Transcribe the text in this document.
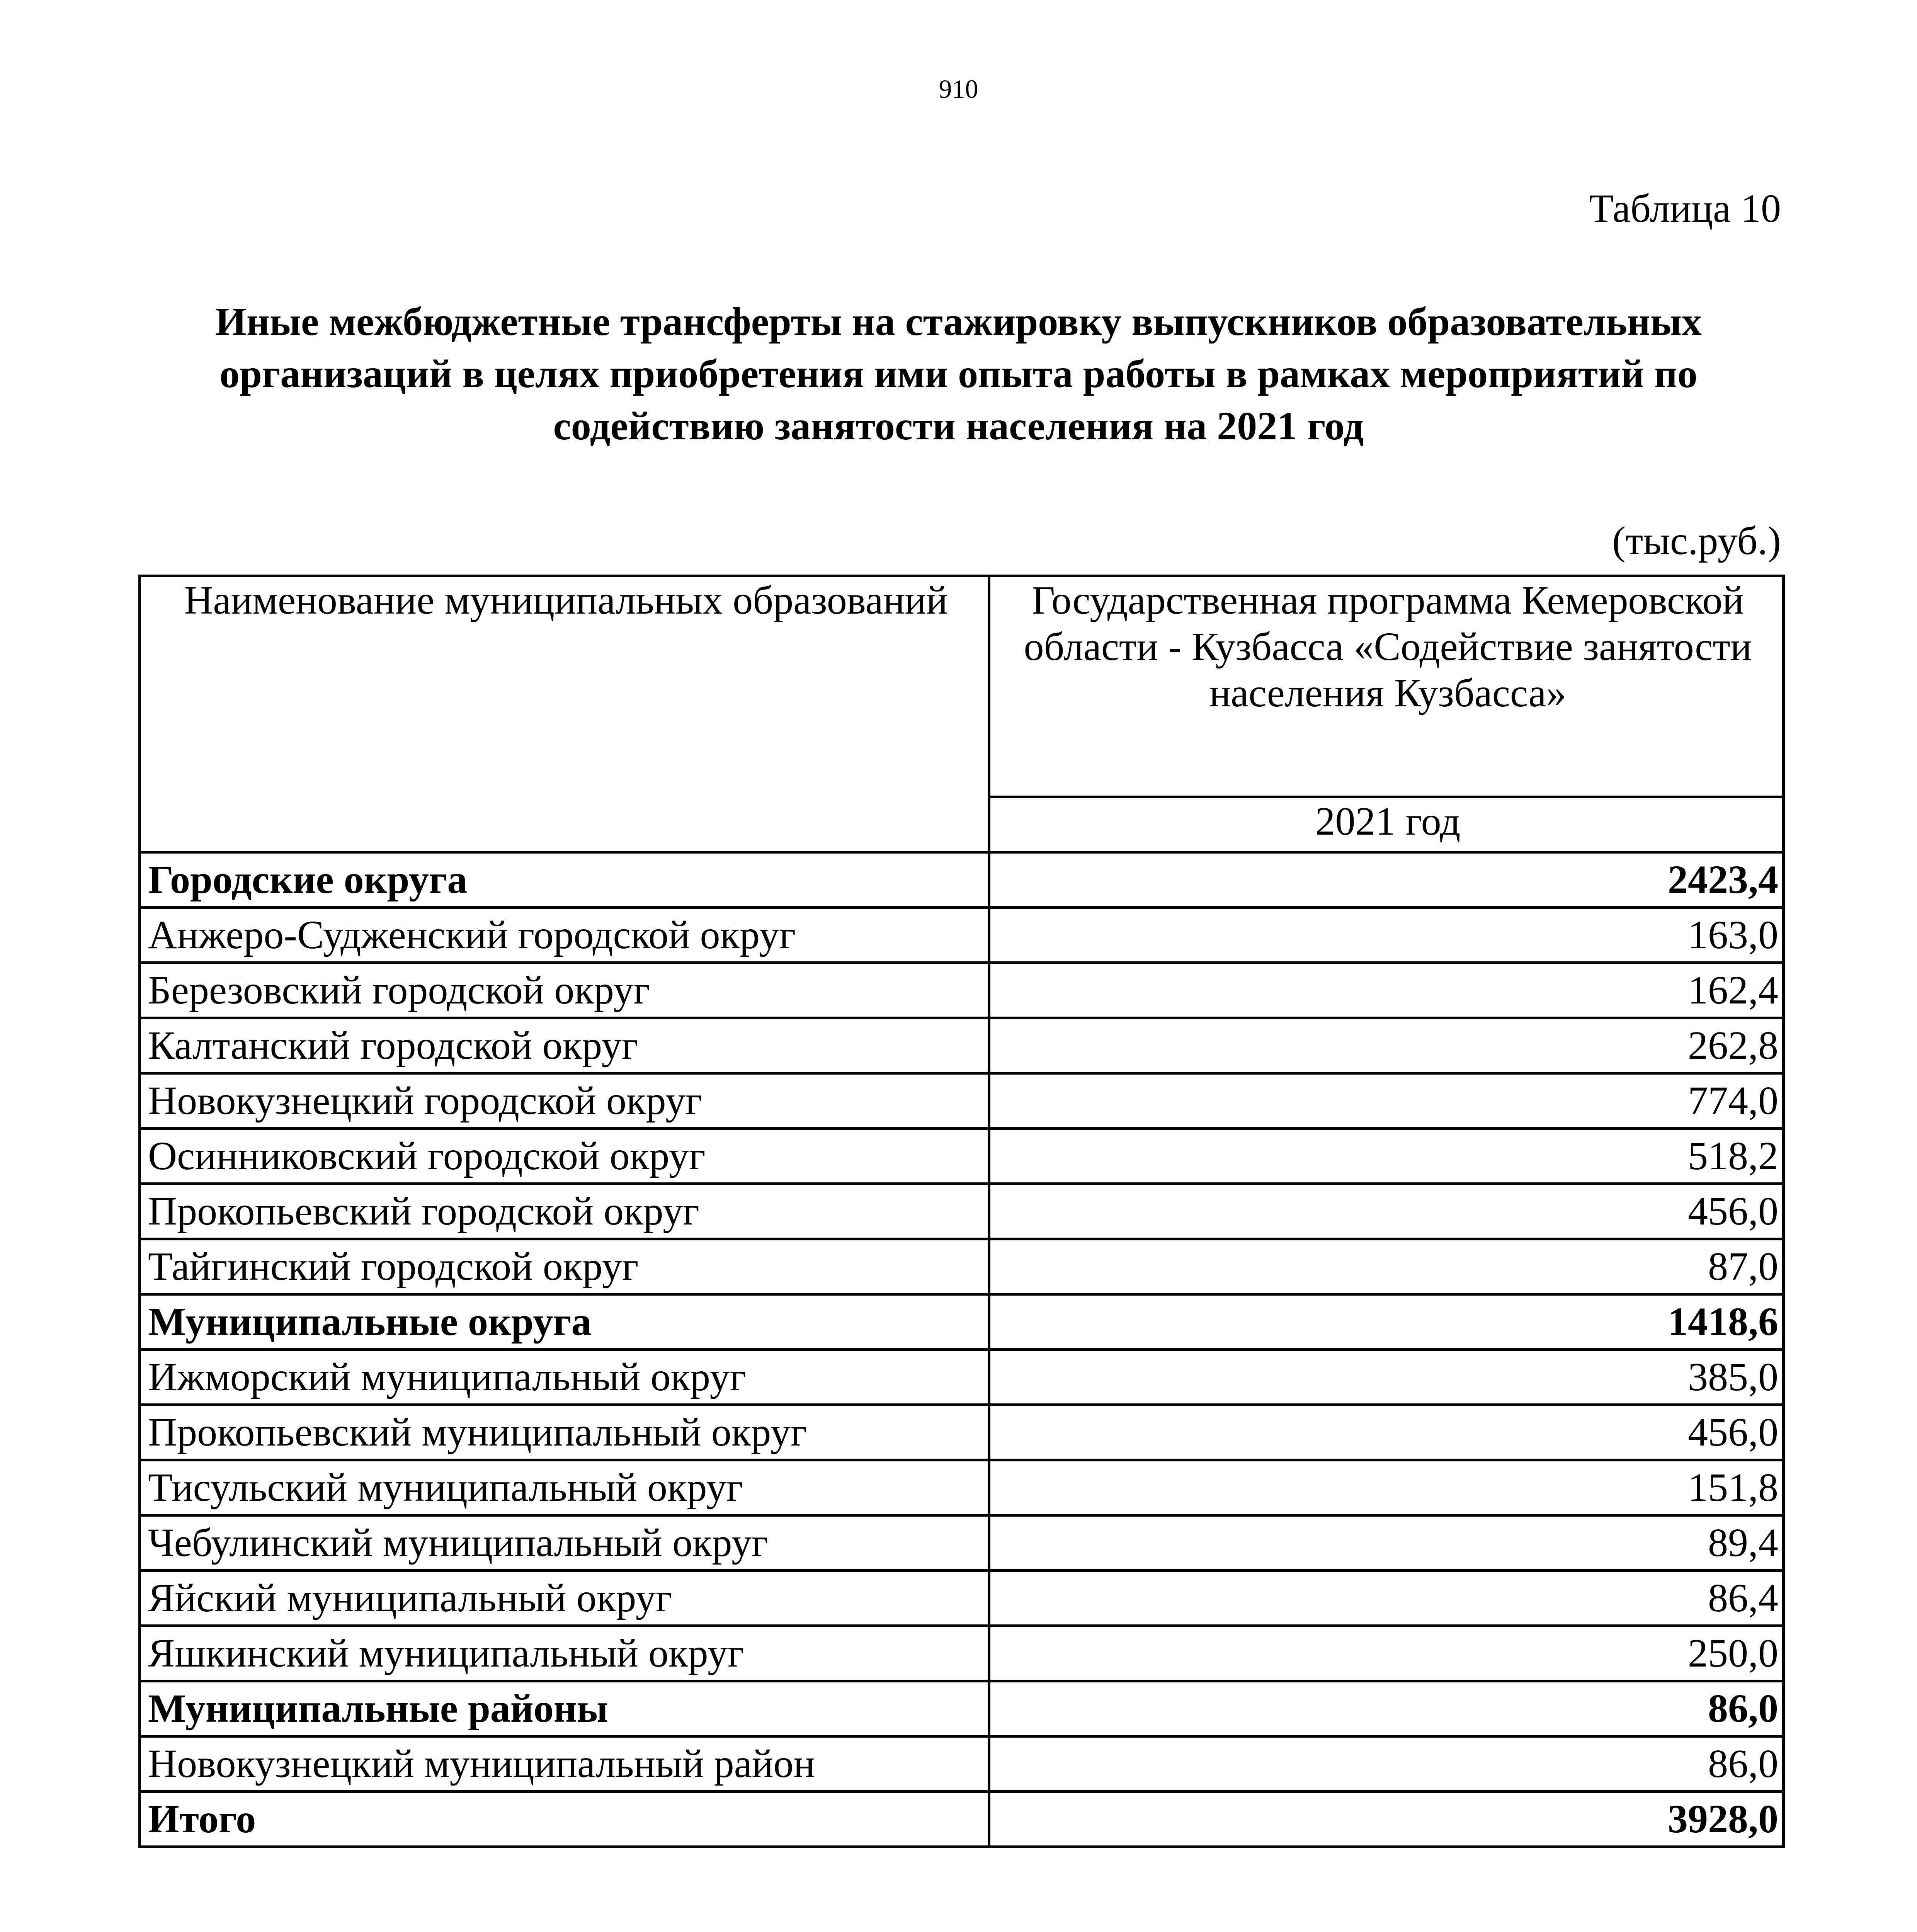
910
Таблица 10
Иные межбюджетные трансферты на стажировку выпускников образовательных организаций в целях приобретения ими опыта работы в рамках мероприятий по содействию занятости населения на 2021 год
(тыс.руб.)
Наименование муниципальных образований	Государственная программа Кемеровской области - Кузбасса «Содействие занятости населения Кузбасса»
	2021 год
Городские округа	2423,4
Анжеро-Судженский городской округ	163,0
Березовский городской округ	162,4
Калтанский городской округ	262,8
Новокузнецкий городской округ	774,0
Осинниковский городской округ	518,2
Прокопьевский городской округ	456,0
Тайгинский городской округ	87,0
Муниципальные округа	1418,6
Ижморский муниципальный округ	385,0
Прокопьевский муниципальный округ	456,0
Тисульский муниципальный округ	151,8
Чебулинский муниципальный округ	89,4
Яйский муниципальный округ	86,4
Яшкинский муниципальный округ	250,0
Муниципальные районы	86,0
Новокузнецкий муниципальный район	86,0
Итого	3928,0
